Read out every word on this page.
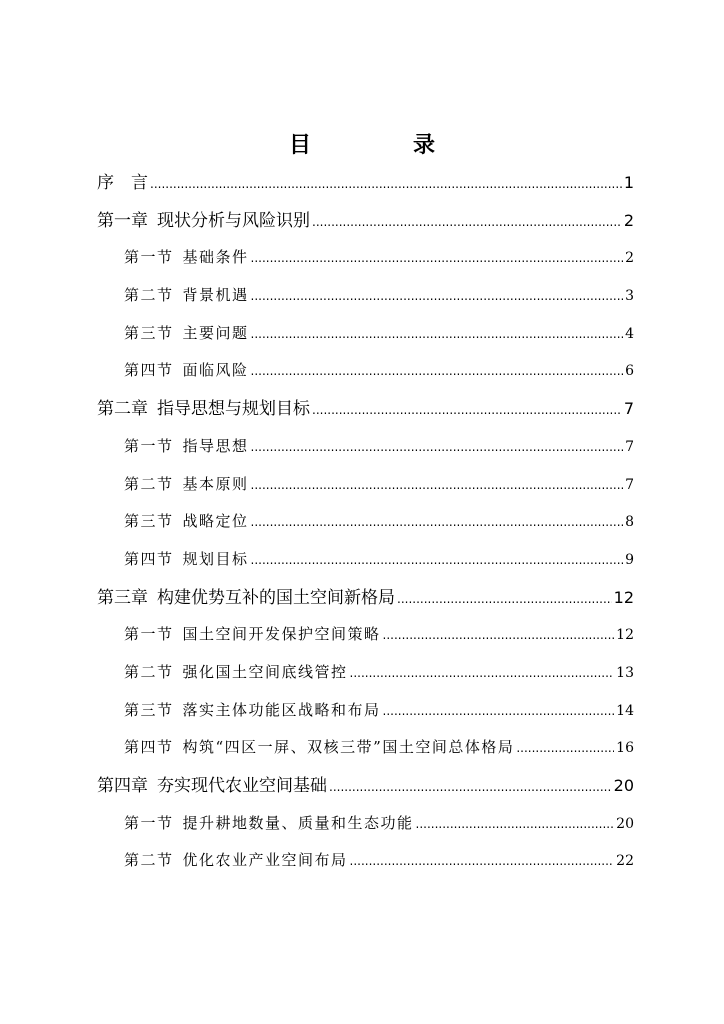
目　录
序　言 .....	1
第一章 现状分析与风险识别 .....	2
第一节 基础条件 .....	2
第二节 背景机遇 .....	3
第三节 主要问题 .....	4
第四节 面临风险 .....	6
第二章 指导思想与规划目标 .....	7
第一节 指导思想 .....	7
第二节 基本原则 .....	7
第三节 战略定位 .....	8
第四节 规划目标 .....	9
第三章 构建优势互补的国土空间新格局 .....	12
第一节 国土空间开发保护空间策略 .....	12
第二节 强化国土空间底线管控 .....	13
第三节 落实主体功能区战略和布局 .....	14
第四节 构筑“四区一屏、双核三带”国土空间总体格局 .....	16
第四章 夯实现代农业空间基础 .....	20
第一节 提升耕地数量、质量和生态功能 .....	20
第二节 优化农业产业空间布局 .....	22
